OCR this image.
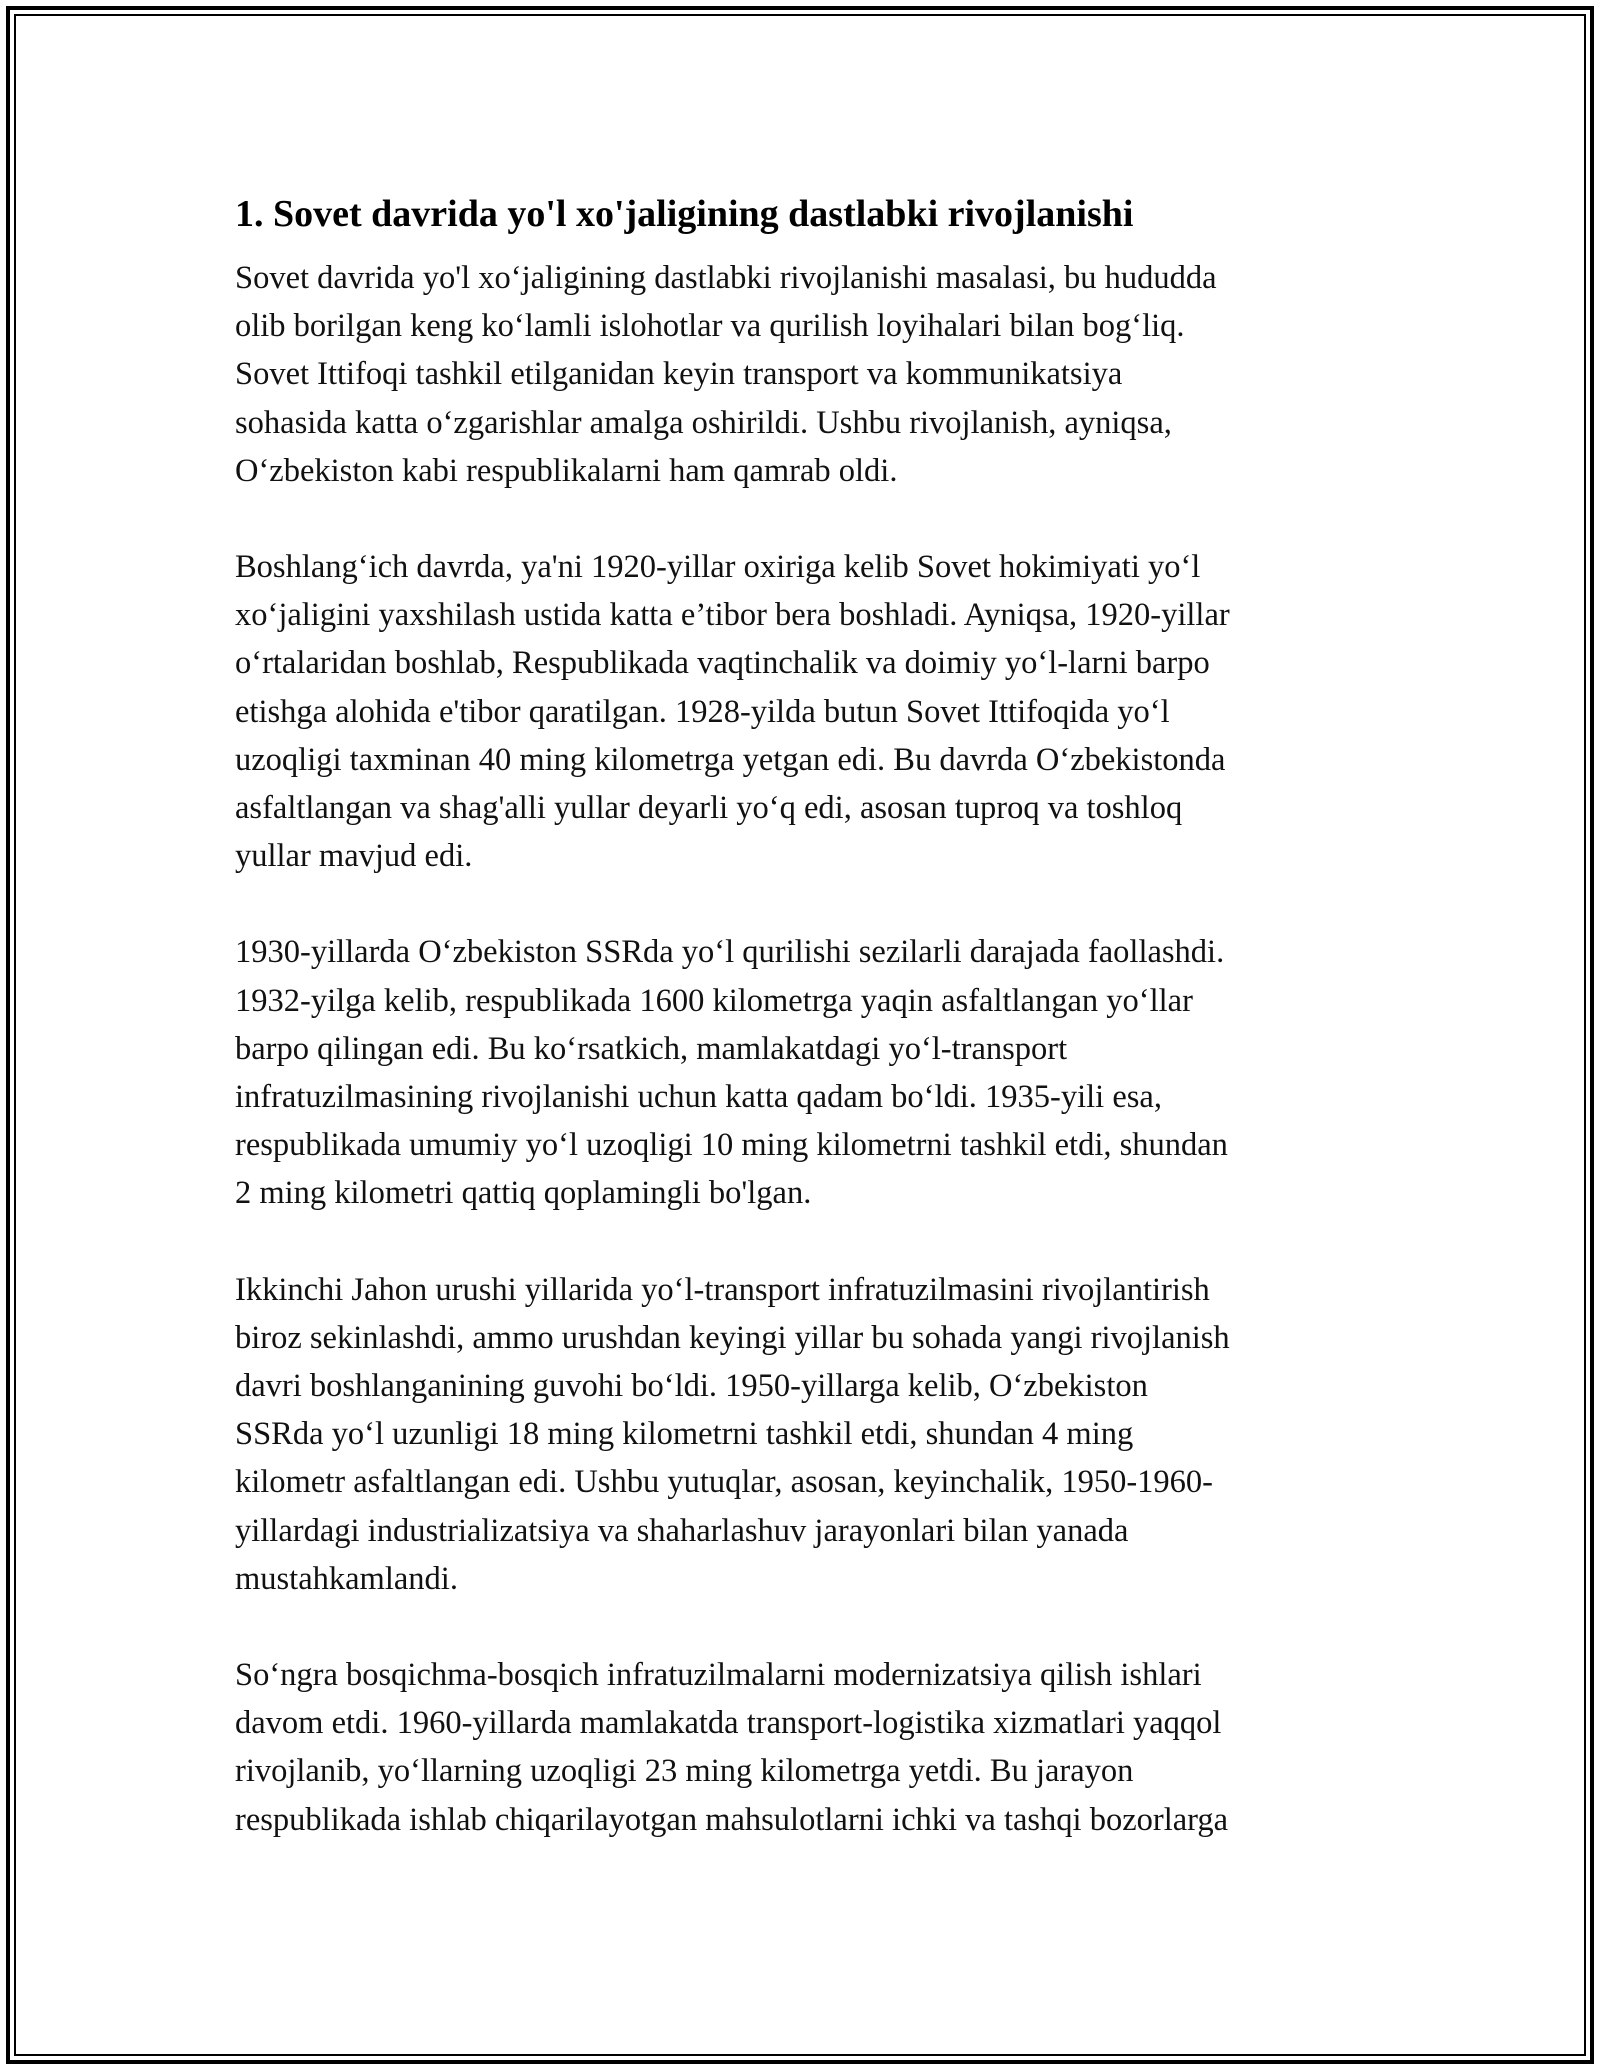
1. Sovet davrida yo'l xo'jaligining dastlabki rivojlanishi
Sovet davrida yo'l xo‘jaligining dastlabki rivojlanishi masalasi, bu hududda
olib borilgan keng ko‘lamli islohotlar va qurilish loyihalari bilan bog‘liq.
Sovet Ittifoqi tashkil etilganidan keyin transport va kommunikatsiya
sohasida katta o‘zgarishlar amalga oshirildi. Ushbu rivojlanish, ayniqsa,
O‘zbekiston kabi respublikalarni ham qamrab oldi.
Boshlang‘ich davrda, ya'ni 1920-yillar oxiriga kelib Sovet hokimiyati yo‘l
xo‘jaligini yaxshilash ustida katta e’tibor bera boshladi. Ayniqsa, 1920-yillar
o‘rtalaridan boshlab, Respublikada vaqtinchalik va doimiy yo‘l-larni barpo
etishga alohida e'tibor qaratilgan. 1928-yilda butun Sovet Ittifoqida yo‘l
uzoqligi taxminan 40 ming kilometrga yetgan edi. Bu davrda O‘zbekistonda
asfaltlangan va shag'alli yullar deyarli yo‘q edi, asosan tuproq va toshloq
yullar mavjud edi.
1930-yillarda O‘zbekiston SSRda yo‘l qurilishi sezilarli darajada faollashdi.
1932-yilga kelib, respublikada 1600 kilometrga yaqin asfaltlangan yo‘llar
barpo qilingan edi. Bu ko‘rsatkich, mamlakatdagi yo‘l-transport
infratuzilmasining rivojlanishi uchun katta qadam bo‘ldi. 1935-yili esa,
respublikada umumiy yo‘l uzoqligi 10 ming kilometrni tashkil etdi, shundan
2 ming kilometri qattiq qoplamingli bo'lgan.
Ikkinchi Jahon urushi yillarida yo‘l-transport infratuzilmasini rivojlantirish
biroz sekinlashdi, ammo urushdan keyingi yillar bu sohada yangi rivojlanish
davri boshlanganining guvohi bo‘ldi. 1950-yillarga kelib, O‘zbekiston
SSRda yo‘l uzunligi 18 ming kilometrni tashkil etdi, shundan 4 ming
kilometr asfaltlangan edi. Ushbu yutuqlar, asosan, keyinchalik, 1950-1960-
yillardagi industrializatsiya va shaharlashuv jarayonlari bilan yanada
mustahkamlandi.
So‘ngra bosqichma-bosqich infratuzilmalarni modernizatsiya qilish ishlari
davom etdi. 1960-yillarda mamlakatda transport-logistika xizmatlari yaqqol
rivojlanib, yo‘llarning uzoqligi 23 ming kilometrga yetdi. Bu jarayon
respublikada ishlab chiqarilayotgan mahsulotlarni ichki va tashqi bozorlarga
